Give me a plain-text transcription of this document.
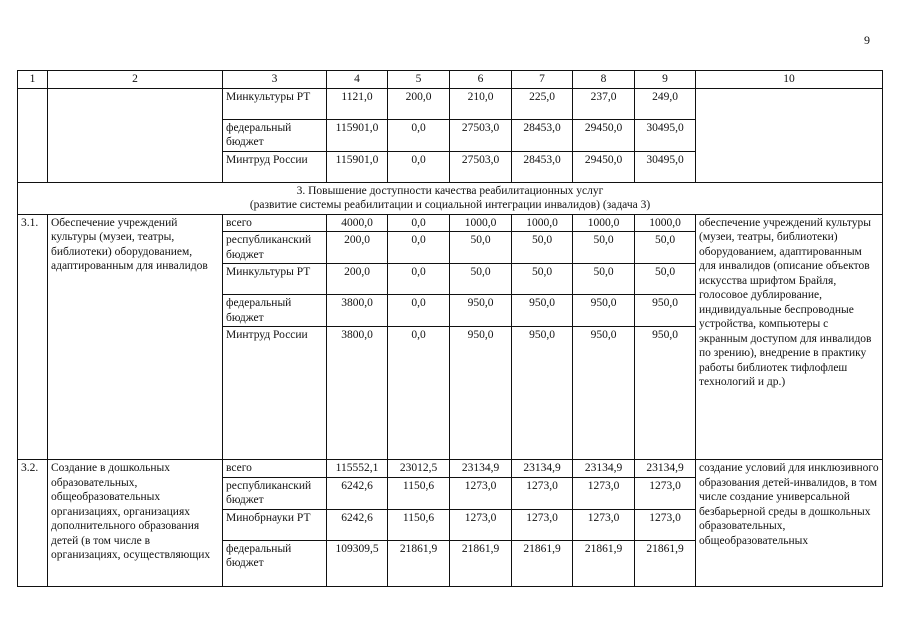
9
1	2	3	4	5	6	7	8	9	10
		Минкультуры РТ	1121,0	200,0	210,0	225,0	237,0	249,0	
		федеральный бюджет	115901,0	0,0	27503,0	28453,0	29450,0	30495,0	
		Минтруд России	115901,0	0,0	27503,0	28453,0	29450,0	30495,0	

3. Повышение доступности качества реабилитационных услуг
(развитие системы реабилитации и социальной интеграции инвалидов) (задача 3)									

3.1.	Обеспечение учреждений культуры (музеи, театры, библиотеки) оборудованием, адаптированным для инвалидов	всего	4000,0	0,0	1000,0	1000,0	1000,0	1000,0	обеспечение учреждений культуры (музеи, театры, библиотеки) оборудованием, адаптированным для инвалидов (описание объектов искусства шрифтом Брайля, голосовое дублирование, индивидуальные беспроводные устройства, компьютеры с экранным доступом для инвалидов по зрению), внедрение в практику работы библиотек тифлофлеш технологий и др.)
		республиканский бюджет	200,0	0,0	50,0	50,0	50,0	50,0	
		Минкультуры РТ	200,0	0,0	50,0	50,0	50,0	50,0	
		федеральный бюджет	3800,0	0,0	950,0	950,0	950,0	950,0	
		Минтруд России	3800,0	0,0	950,0	950,0	950,0	950,0	
3.2.	Создание в дошкольных образовательных, общеобразовательных организациях, организациях дополнительного образования детей (в том числе в организациях, осуществляющих	всего	115552,1	23012,5	23134,9	23134,9	23134,9	23134,9	создание условий для инклюзивного образования детей-инвалидов, в том числе создание универсальной безбарьерной среды в дошкольных образовательных, общеобразовательных
		республиканский бюджет	6242,6	1150,6	1273,0	1273,0	1273,0	1273,0	
		Минобрнауки РТ	6242,6	1150,6	1273,0	1273,0	1273,0	1273,0	
		федеральный бюджет	109309,5	21861,9	21861,9	21861,9	21861,9	21861,9	
